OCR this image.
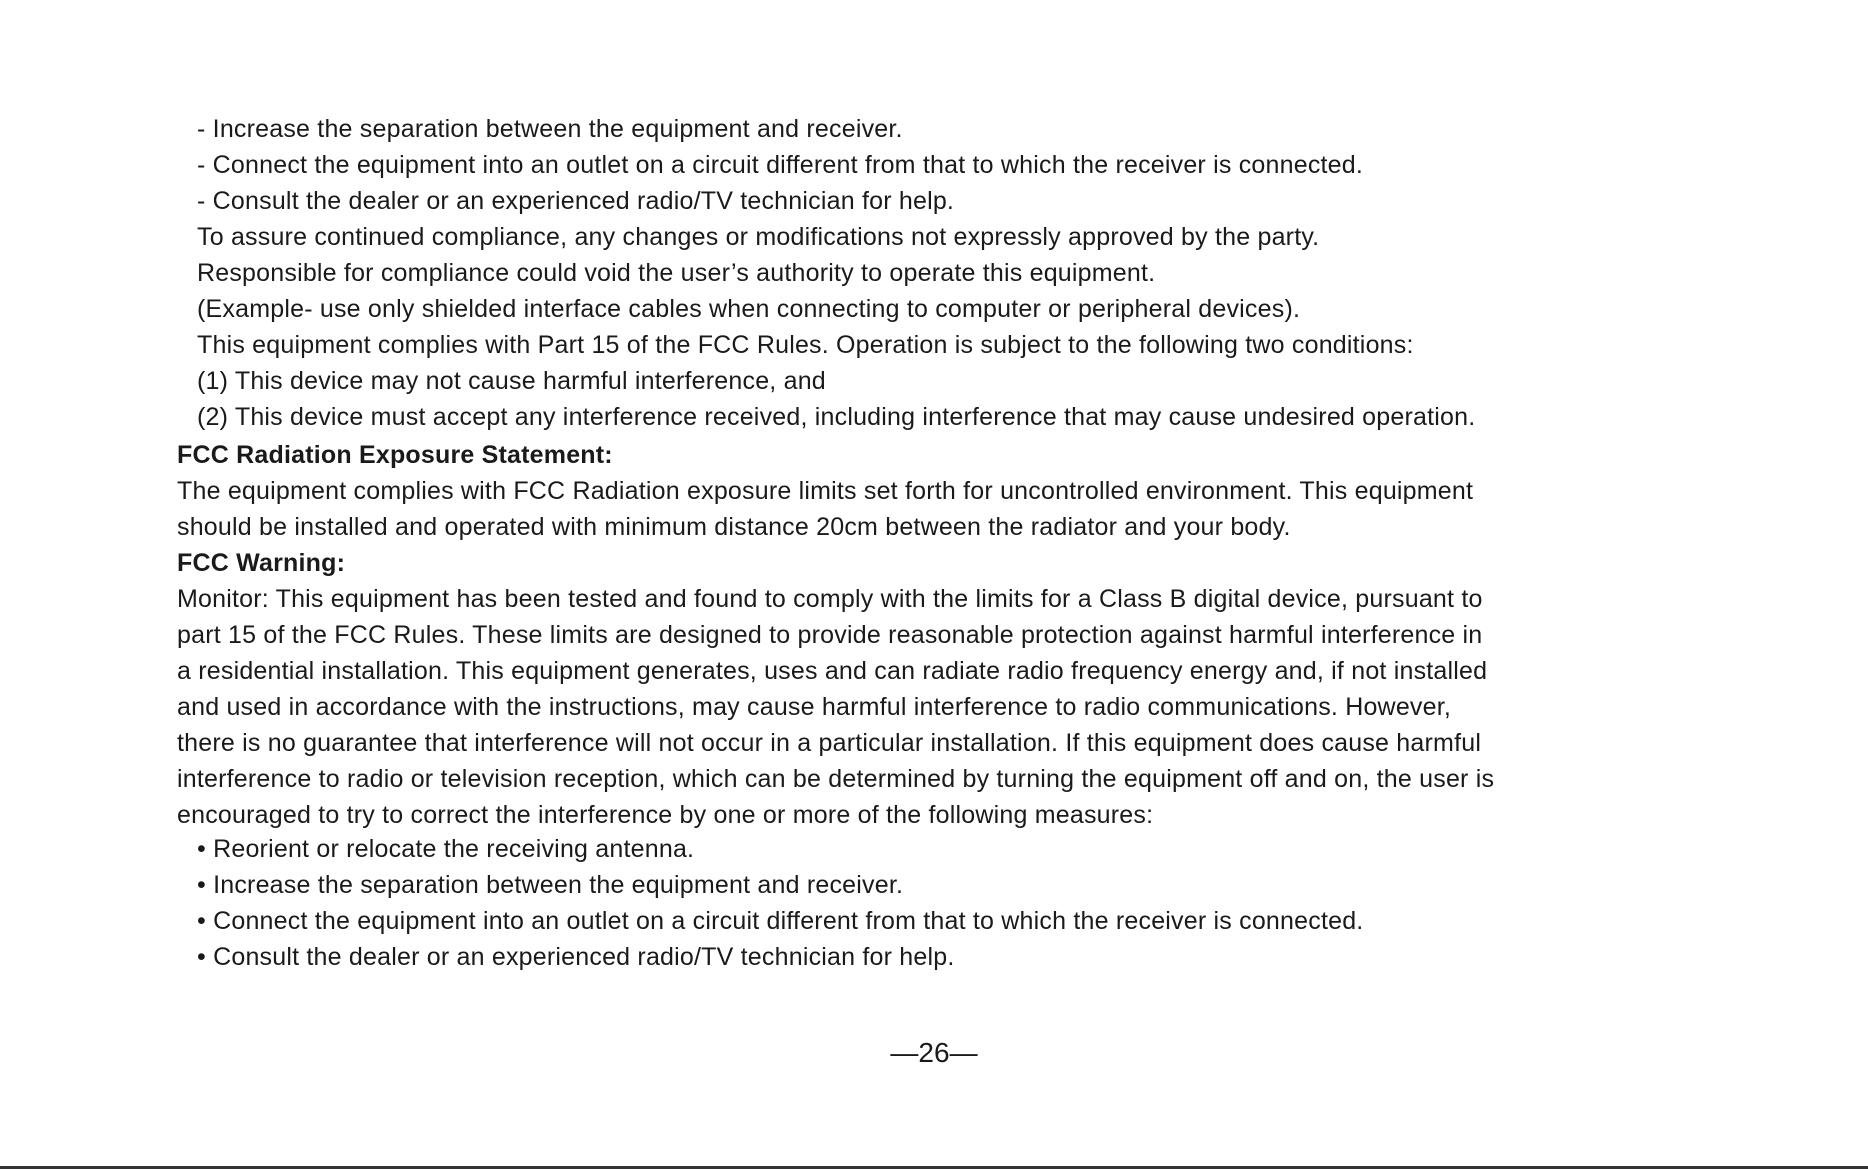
- Increase the separation between the equipment and receiver.
- Connect the equipment into an outlet on a circuit different from that to which the receiver is connected.
- Consult the dealer or an experienced radio/TV technician for help.
To assure continued compliance, any changes or modifications not expressly approved by the party.
Responsible for compliance could void the user’s authority to operate this equipment.
(Example- use only shielded interface cables when connecting to computer or peripheral devices).
This equipment complies with Part 15 of the FCC Rules. Operation is subject to the following two conditions:
(1) This device may not cause harmful interference, and
(2) This device must accept any interference received, including interference that may cause undesired operation.
FCC Radiation Exposure Statement:
The equipment complies with FCC Radiation exposure limits set forth for uncontrolled environment. This equipment
should be installed and operated with minimum distance 20cm between the radiator and your body.
FCC Warning:
Monitor: This equipment has been tested and found to comply with the limits for a Class B digital device, pursuant to
part 15 of the FCC Rules. These limits are designed to provide reasonable protection against harmful interference in
a residential installation. This equipment generates, uses and can radiate radio frequency energy and, if not installed
and used in accordance with the instructions, may cause harmful interference to radio communications. However,
there is no guarantee that interference will not occur in a particular installation. If this equipment does cause harmful
interference to radio or television reception, which can be determined by turning the equipment off and on, the user is
encouraged to try to correct the interference by one or more of the following measures:
• Reorient or relocate the receiving antenna.
• Increase the separation between the equipment and receiver.
• Connect the equipment into an outlet on a circuit different from that to which the receiver is connected.
• Consult the dealer or an experienced radio/TV technician for help.
—26—
